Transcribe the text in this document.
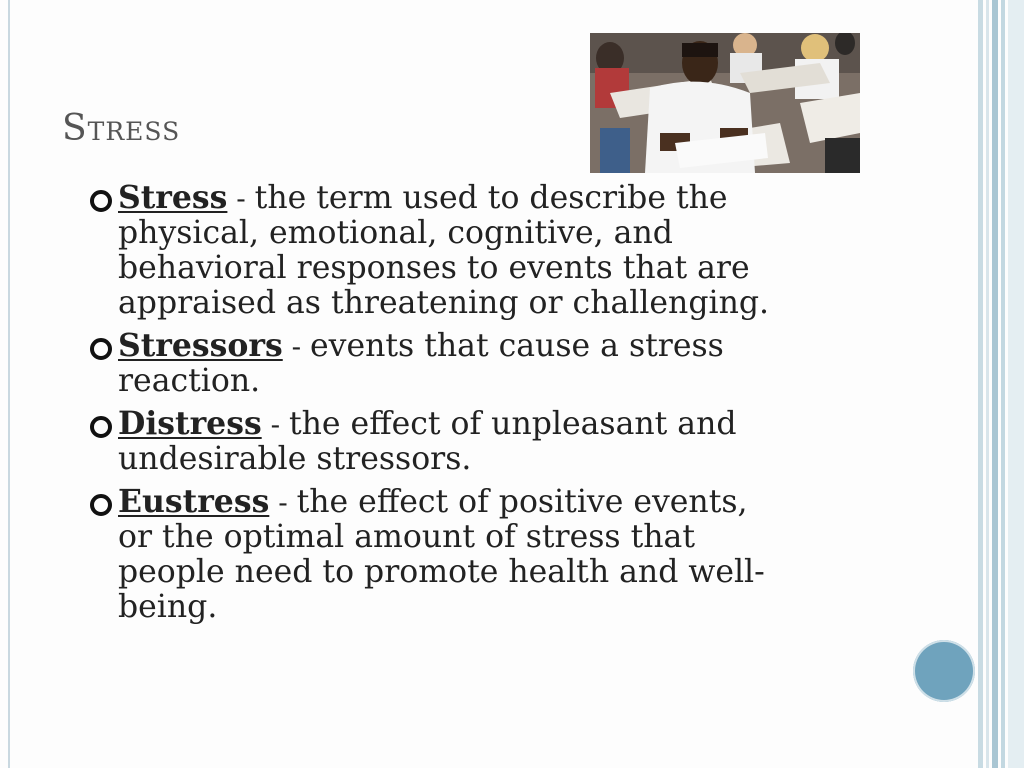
Stress
Stress - the term used to describe the physical, emotional, cognitive, and behavioral responses to events that are appraised as threatening or challenging.
Stressors - events that cause a stress reaction.
Distress - the effect of unpleasant and undesirable stressors.
Eustress - the effect of positive events, or the optimal amount of stress that people need to promote health and well-being.
